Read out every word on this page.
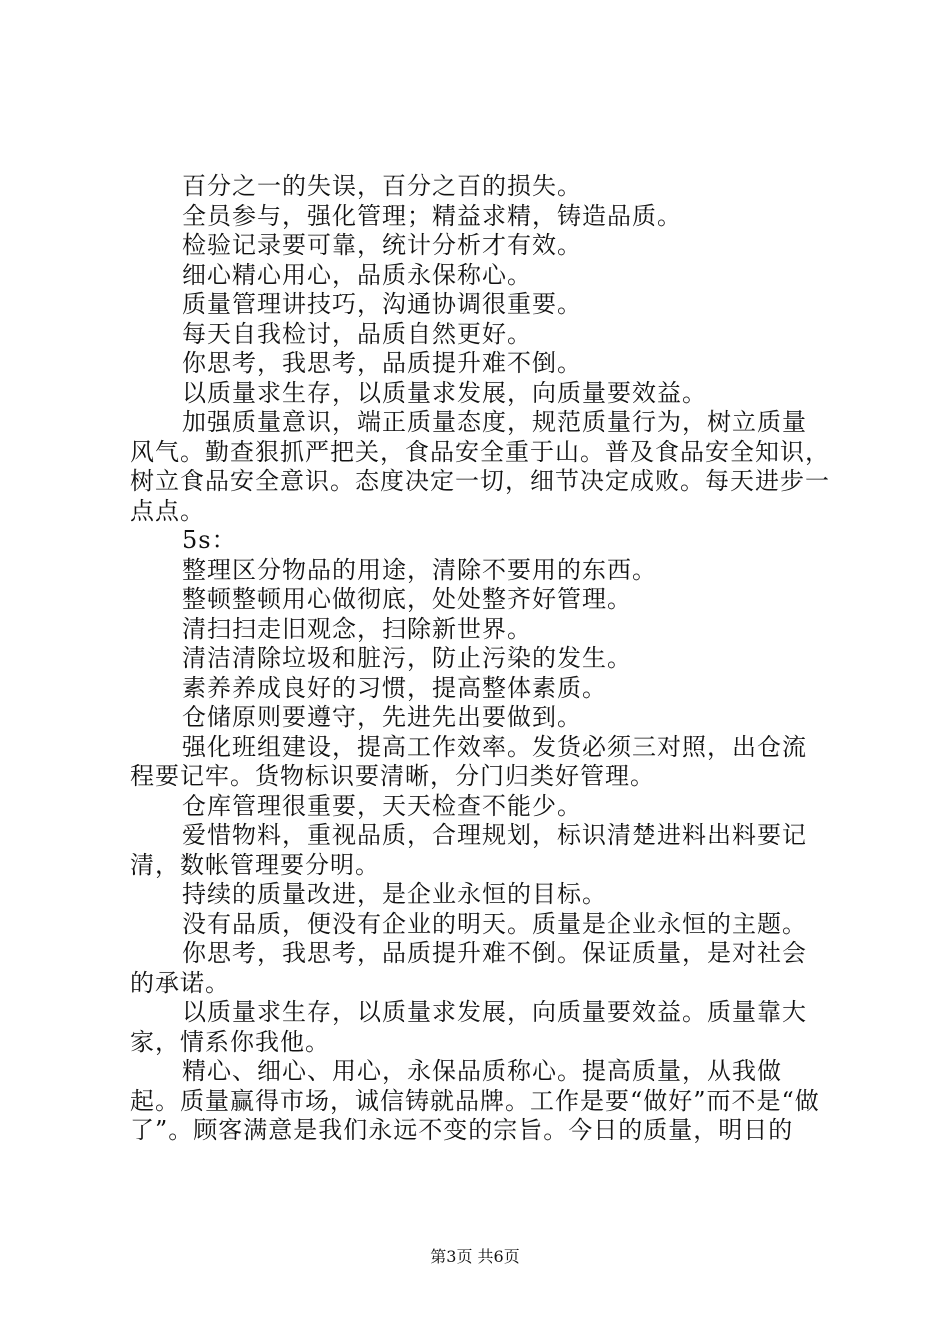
百分之一的失误，百分之百的损失。

全员参与，强化管理；精益求精，铸造品质。

检验记录要可靠，统计分析才有效。

细心精心用心，品质永保称心。

质量管理讲技巧，沟通协调很重要。

每天自我检讨，品质自然更好。

你思考，我思考，品质提升难不倒。

以质量求生存，以质量求发展，向质量要效益。

加强质量意识，端正质量态度，规范质量行为，树立质量风气。勤查狠抓严把关，食品安全重于山。普及食品安全知识，树立食品安全意识。态度决定一切，细节决定成败。每天进步一点点。

5s：

整理区分物品的用途，清除不要用的东西。

整顿整顿用心做彻底，处处整齐好管理。

清扫扫走旧观念，扫除新世界。

清洁清除垃圾和脏污，防止污染的发生。

素养养成良好的习惯，提高整体素质。

仓储原则要遵守，先进先出要做到。

强化班组建设，提高工作效率。发货必须三对照，出仓流程要记牢。货物标识要清晰，分门归类好管理。

仓库管理很重要，天天检查不能少。

爱惜物料，重视品质，合理规划，标识清楚进料出料要记清，数帐管理要分明。

持续的质量改进，是企业永恒的目标。

没有品质，便没有企业的明天。质量是企业永恒的主题。

你思考，我思考，品质提升难不倒。保证质量，是对社会的承诺。

以质量求生存，以质量求发展，向质量要效益。质量靠大家，情系你我他。

精心、细心、用心，永保品质称心。提高质量，从我做起。质量赢得市场，诚信铸就品牌。工作是要“做好”而不是“做了”。顾客满意是我们永远不变的宗旨。今日的质量，明日的

第3页 共6页
